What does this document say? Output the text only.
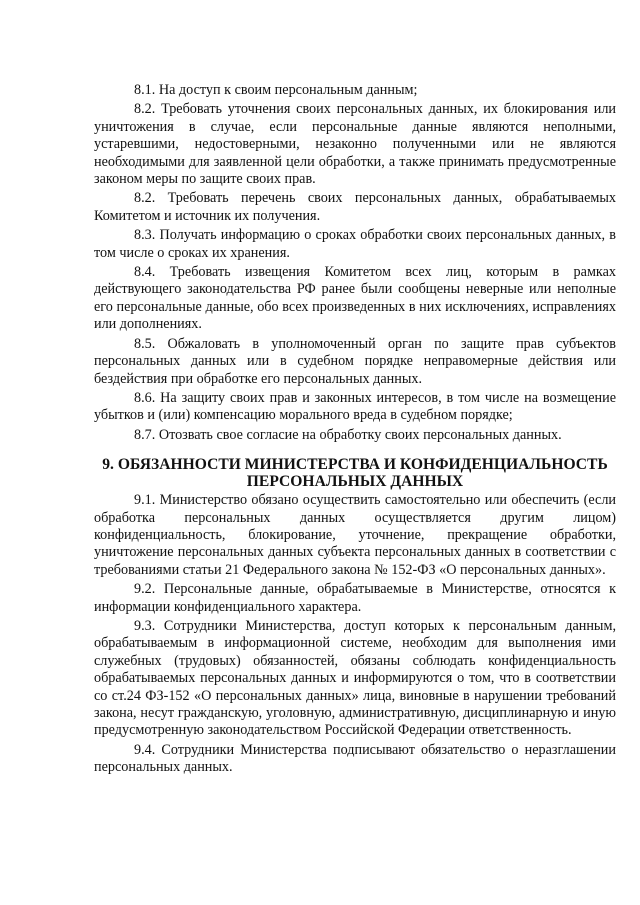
8.1. На доступ к своим персональным данным;

8.2. Требовать уточнения своих персональных данных, их блокирования или уничтожения в случае, если персональные данные являются неполными, устаревшими, недостоверными, незаконно полученными или не являются необходимыми для заявленной цели обработки, а также принимать предусмотренные законом меры по защите своих прав.

8.2. Требовать перечень своих персональных данных, обрабатываемых Комитетом и источник их получения.

8.3. Получать информацию о сроках обработки своих персональных данных, в том числе о сроках их хранения.

8.4. Требовать извещения Комитетом всех лиц, которым в рамках действующего законодательства РФ ранее были сообщены неверные или неполные его персональные данные, обо всех произведенных в них исключениях, исправлениях или дополнениях.

8.5. Обжаловать в уполномоченный орган по защите прав субъектов персональных данных или в судебном порядке неправомерные действия или бездействия при обработке его персональных данных.

8.6. На защиту своих прав и законных интересов, в том числе на возмещение убытков и (или) компенсацию морального вреда в судебном порядке;

8.7. Отозвать свое согласие на обработку своих персональных данных.

9. ОБЯЗАННОСТИ МИНИСТЕРСТВА И КОНФИДЕНЦИАЛЬНОСТЬ
ПЕРСОНАЛЬНЫХ ДАННЫХ

9.1. Министерство обязано осуществить самостоятельно или обеспечить (если обработка персональных данных осуществляется другим лицом) конфиденциальность, блокирование, уточнение, прекращение обработки, уничтожение персональных данных субъекта персональных данных в соответствии с требованиями статьи 21 Федерального закона № 152-ФЗ «О персональных данных».

9.2. Персональные данные, обрабатываемые в Министерстве, относятся к информации конфиденциального характера.

9.3. Сотрудники Министерства, доступ которых к персональным данным, обрабатываемым в информационной системе, необходим для выполнения ими служебных (трудовых) обязанностей, обязаны соблюдать конфиденциальность обрабатываемых персональных данных и информируются о том, что в соответствии со ст.24 ФЗ-152 «О персональных данных» лица, виновные в нарушении требований закона, несут гражданскую, уголовную, административную, дисциплинарную и иную предусмотренную законодательством Российской Федерации ответственность.

9.4. Сотрудники Министерства подписывают обязательство о неразглашении персональных данных.
